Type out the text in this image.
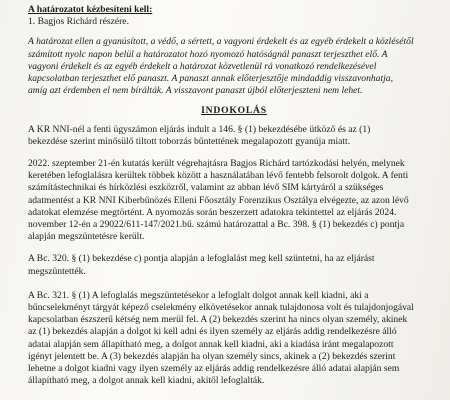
A határozatot kézbesíteni kell:

1. Bagjos Richárd részére.

A határozat ellen a gyanúsított, a védő, a sértett, a vagyoni érdekelt és az egyéb érdekelt a közlésétől

számított nyolc napon belül a határozatot hozó nyomozó hatóságnál panaszt terjeszthet elő. A

vagyoni érdekelt és az egyéb érdekelt a határozat közvetlenül rá vonatkozó rendelkezésével

kapcsolatban terjeszthet elő panaszt. A panaszt annak előterjesztője mindaddig visszavonhatja,

amíg azt érdemben el nem bírálták. A visszavont panaszt újból előterjeszteni nem lehet.

INDOKOLÁS

A KR NNI-nél a fenti ügyszámon eljárás indult a 146. § (1) bekezdésébe ütköző és az (1)

bekezdése szerint minősülő tiltott toborzás bűntettének megalapozott gyanúja miatt.

2022. szeptember 21-én kutatás került végrehajtásra Bagjos Richárd tartózkodási helyén, melynek

keretében lefoglalásra kerültek többek között a használatában lévő fentebb felsorolt dolgok. A fenti

számítástechnikai és hírközlési eszközről, valamint az abban lévő SIM kártyáról a szükséges

adatmentést a KR NNI Kiberbűnözés Elleni Főosztály Forenzikus Osztálya elvégezte, az azon lévő

adatokat elemzése megtörtént. A nyomozás során beszerzett adatokra tekintettel az eljárás 2024.

november 12-én a 29022/611-147/2021.bű. számú határozattal a Bc. 398. § (1) bekezdés c) pontja

alapján megszüntetésre került.

A Bc. 320. § (1) bekezdése c) pontja alapján a lefoglalást meg kell szüntetni, ha az eljárást

megszüntették.

A Bc. 321. § (1) A lefoglalás megszüntetésekor a lefoglalt dolgot annak kell kiadni, aki a

bűncselekményt tárgyát képező cselekmény elkövetésekor annak tulajdonosa volt és tulajdonjogával

kapcsolatban észszerű kétség nem merül fel. A (2) bekezdés szerint ha nincs olyan személy, akinek

az (1) bekezdés alapján a dolgot ki kell adni és ilyen személy az eljárás addig rendelkezésre álló

adatai alapján sem állapítható meg, a dolgot annak kell kiadni, aki a kiadása iránt megalapozott

igényt jelentett be. A (3) bekezdés alapján ha olyan személy sincs, akinek a (2) bekezdés szerint

lehetne a dolgot kiadni vagy ilyen személy az eljárás addig rendelkezésre álló adatai alapján sem

állapítható meg, a dolgot annak kell kiadni, akitől lefoglalták.
